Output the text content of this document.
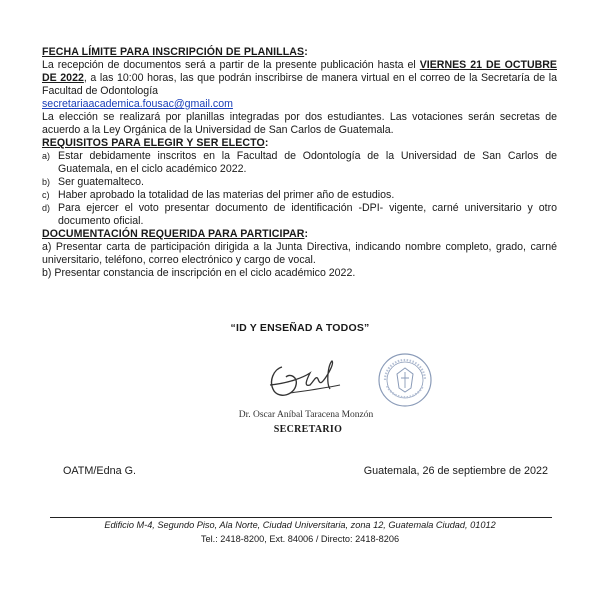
FECHA LÍMITE PARA INSCRIPCIÓN DE PLANILLAS:

La recepción de documentos será a partir de la presente publicación hasta el VIERNES 21 DE OCTUBRE DE 2022, a las 10:00 horas, las que podrán inscribirse de manera virtual en el correo de la Secretaría de la Facultad de Odontología
secretariaacademica.fousac@gmail.com

La elección se realizará por planillas integradas por dos estudiantes. Las votaciones serán secretas de acuerdo a la Ley Orgánica de la Universidad de San Carlos de Guatemala.

REQUISITOS PARA ELEGIR Y SER ELECTO:
a) Estar debidamente inscritos en la Facultad de Odontología de la Universidad de San Carlos de Guatemala, en el ciclo académico 2022.
b) Ser guatemalteco.
c) Haber aprobado la totalidad de las materias del primer año de estudios.
d) Para ejercer el voto presentar documento de identificación -DPI- vigente, carné universitario y otro documento oficial.
DOCUMENTACIÓN REQUERIDA PARA PARTICIPAR:
a) Presentar carta de participación dirigida a la Junta Directiva, indicando nombre completo, grado, carné universitario, teléfono, correo electrónico y cargo de vocal.
b) Presentar constancia de inscripción en el ciclo académico 2022.
“ID Y ENSEÑAD A TODOS”
Dr. Oscar Aníbal Taracena Monzón
SECRETARIO
OATM/Edna G.	Guatemala, 26 de septiembre de 2022
Edificio M-4, Segundo Piso, Ala Norte, Ciudad Universitaria, zona 12, Guatemala Ciudad, 01012
Tel.: 2418-8200, Ext. 84006 / Directo: 2418-8206
